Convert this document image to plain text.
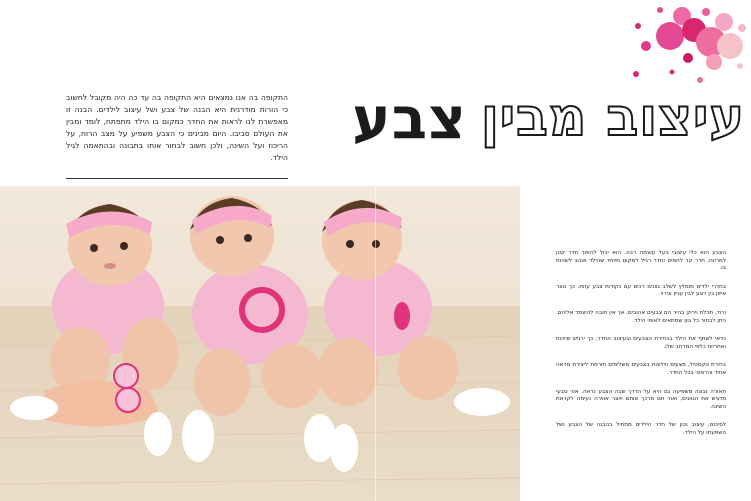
עיצוב מבין
צבע

התקופה בה אנו נמצאים היא התקופה בה עד כה היה מקובל לחשוב כי הורות מודרנית היא הבנה של צבע ושל עיצוב לילדים. הבנה זו מאפשרת לנו לראות את החדר כמקום בו הילד מתפתח, לומד ומבין את העולם סביבו. היום מבינים כי הצבע משפיע על מצב הרוח, על הריכוז ועל השינה, ולכן חשוב לבחור אותו בתבונה ובהתאמה לגיל הילד.

הצבע הוא כלי עיצובי בעל עוצמה רבה. הוא יכול להפוך חדר קטן למרווח, חדר קר לחמים וחדר רגיל למקום מיוחד שהילד אוהב לשהות בו.

בחדרי ילדים מומלץ לשלב גוונים רכים עם נקודות צבע עזות, כך נוצר איזון בין רוגע לבין עניין וגירוי.

ורוד, תכלת וירוק בהיר הם צבעים אהובים, אך אין חובה להיצמד אליהם. ניתן לבחור כל גוון שמתאים לאופי הילד.

כדאי לשתף את הילד בבחירת הצבעים ובעיצוב החדר, כך ירגיש שייכות ואחריות כלפי המרחב שלו.

בחירת טקסטיל, מצעים ווילונות בצבעים משלימים תורמת ליצירת מראה אחיד והרמוני בכל החדר.

תאורה נכונה משפיעה גם היא על הדרך שבה הצבע נראה. אור טבעי מדגיש את הגוונים, ואור חם מרכך אותם ויוצר אווירה נעימה לקראת השינה.

לסיכום, עיצוב נכון של חדר הילדים מתחיל בהבנה של הצבע ושל השפעתו על הילד.
